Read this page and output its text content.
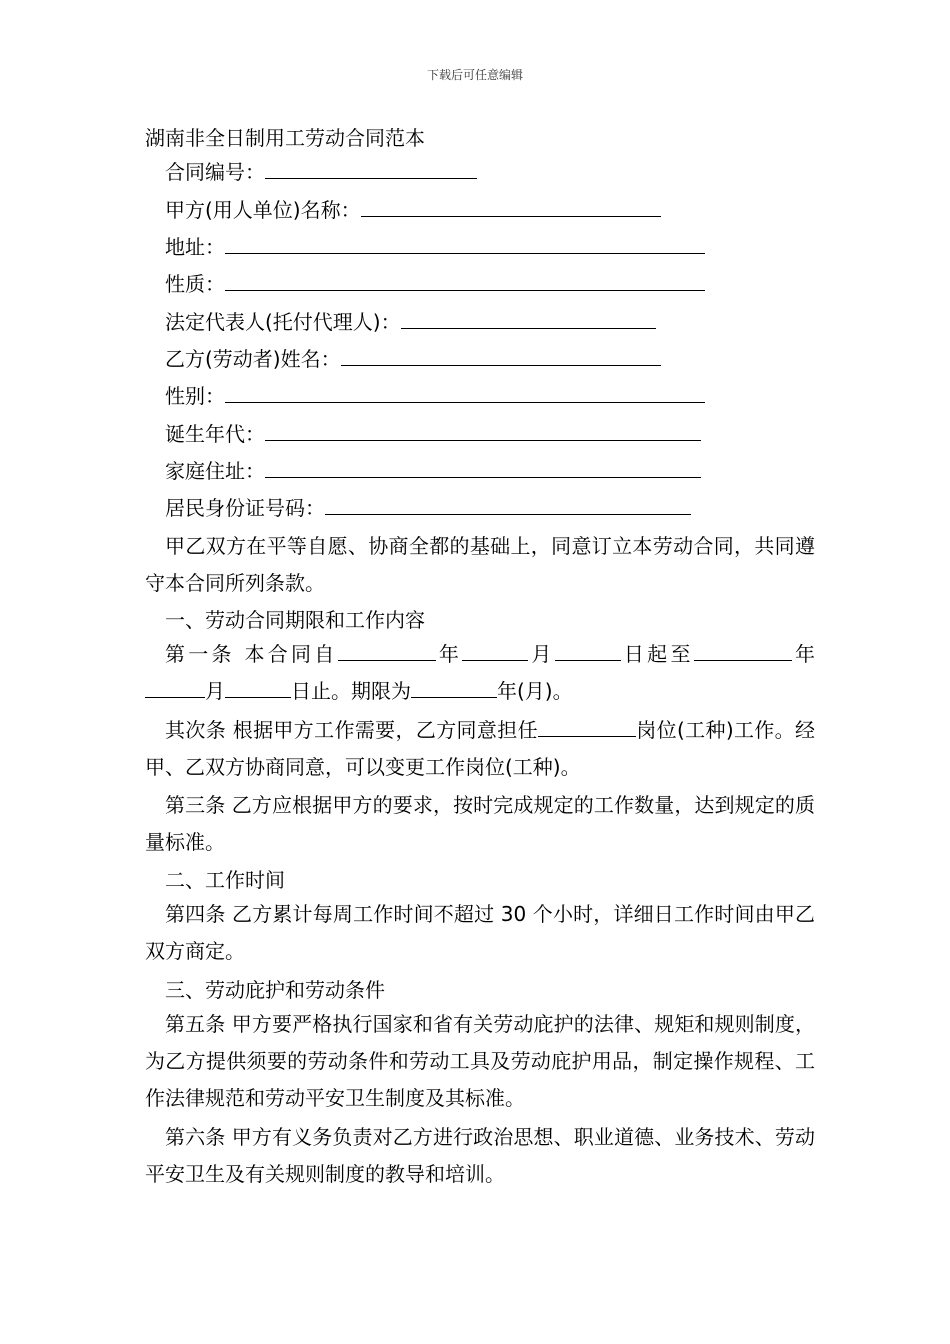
下载后可任意编辑
湖南非全日制用工劳动合同范本
合同编号：
甲方(用人单位)名称：
地址：
性质：
法定代表人(托付代理人)：
乙方(劳动者)姓名：
性别：
诞生年代：
家庭住址：
居民身份证号码：
甲乙双方在平等自愿、协商全都的基础上，同意订立本劳动合同，共同遵守本合同所列条款。
一、劳动合同期限和工作内容
第一条 本合同自	年	月	日起至	年月	日止。期限为	年(月)。
其次条 根据甲方工作需要，乙方同意担任	岗位(工种)工作。经甲、乙双方协商同意，可以变更工作岗位(工种)。
第三条 乙方应根据甲方的要求，按时完成规定的工作数量，达到规定的质量标准。
二、工作时间
第四条 乙方累计每周工作时间不超过 30 个小时，详细日工作时间由甲乙双方商定。
三、劳动庇护和劳动条件
第五条 甲方要严格执行国家和省有关劳动庇护的法律、规矩和规则制度，为乙方提供须要的劳动条件和劳动工具及劳动庇护用品，制定操作规程、工作法律规范和劳动平安卫生制度及其标准。
第六条 甲方有义务负责对乙方进行政治思想、职业道德、业务技术、劳动平安卫生及有关规则制度的教导和培训。
